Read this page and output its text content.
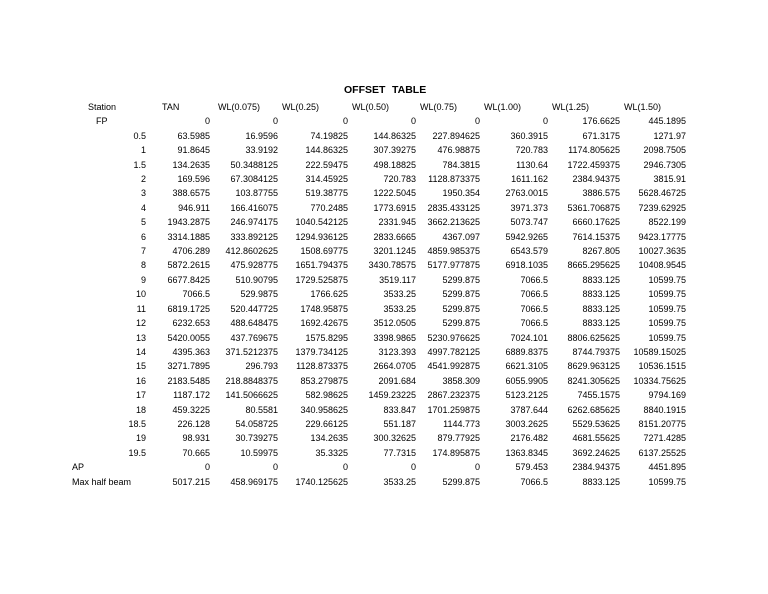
OFFSET TABLE
Station	TAN	WL(0.075)	WL(0.25)	WL(0.50)	WL(0.75)	WL(1.00)	WL(1.25)	WL(1.50)
FP	0	0	0	0	0	0	176.6625	445.1895
0.5	63.5985	16.9596	74.19825	144.86325	227.894625	360.3915	671.3175	1271.97
1	91.8645	33.9192	144.86325	307.39275	476.98875	720.783	1174.805625	2098.7505
1.5	134.2635	50.3488125	222.59475	498.18825	784.3815	1130.64	1722.459375	2946.7305
2	169.596	67.3084125	314.45925	720.783	1128.873375	1611.162	2384.94375	3815.91
3	388.6575	103.87755	519.38775	1222.5045	1950.354	2763.0015	3886.575	5628.46725
4	946.911	166.416075	770.2485	1773.6915	2835.433125	3971.373	5361.706875	7239.62925
5	1943.2875	246.974175	1040.542125	2331.945	3662.213625	5073.747	6660.17625	8522.199
6	3314.1885	333.892125	1294.936125	2833.6665	4367.097	5942.9265	7614.15375	9423.17775
7	4706.289	412.8602625	1508.69775	3201.1245	4859.985375	6543.579	8267.805	10027.3635
8	5872.2615	475.928775	1651.794375	3430.78575	5177.977875	6918.1035	8665.295625	10408.9545
9	6677.8425	510.90795	1729.525875	3519.117	5299.875	7066.5	8833.125	10599.75
10	7066.5	529.9875	1766.625	3533.25	5299.875	7066.5	8833.125	10599.75
11	6819.1725	520.447725	1748.95875	3533.25	5299.875	7066.5	8833.125	10599.75
12	6232.653	488.648475	1692.42675	3512.0505	5299.875	7066.5	8833.125	10599.75
13	5420.0055	437.769675	1575.8295	3398.9865	5230.976625	7024.101	8806.625625	10599.75
14	4395.363	371.5212375	1379.734125	3123.393	4997.782125	6889.8375	8744.79375	10589.15025
15	3271.7895	296.793	1128.873375	2664.0705	4541.992875	6621.3105	8629.963125	10536.1515
16	2183.5485	218.8848375	853.279875	2091.684	3858.309	6055.9905	8241.305625	10334.75625
17	1187.172	141.5066625	582.98625	1459.23225	2867.232375	5123.2125	7455.1575	9794.169
18	459.3225	80.5581	340.958625	833.847	1701.259875	3787.644	6262.685625	8840.1915
18.5	226.128	54.058725	229.66125	551.187	1144.773	3003.2625	5529.53625	8151.20775
19	98.931	30.739275	134.2635	300.32625	879.77925	2176.482	4681.55625	7271.4285
19.5	70.665	10.59975	35.3325	77.7315	174.895875	1363.8345	3692.24625	6137.25525
AP	0	0	0	0	0	579.453	2384.94375	4451.895
Max half beam	5017.215	458.969175	1740.125625	3533.25	5299.875	7066.5	8833.125	10599.75
